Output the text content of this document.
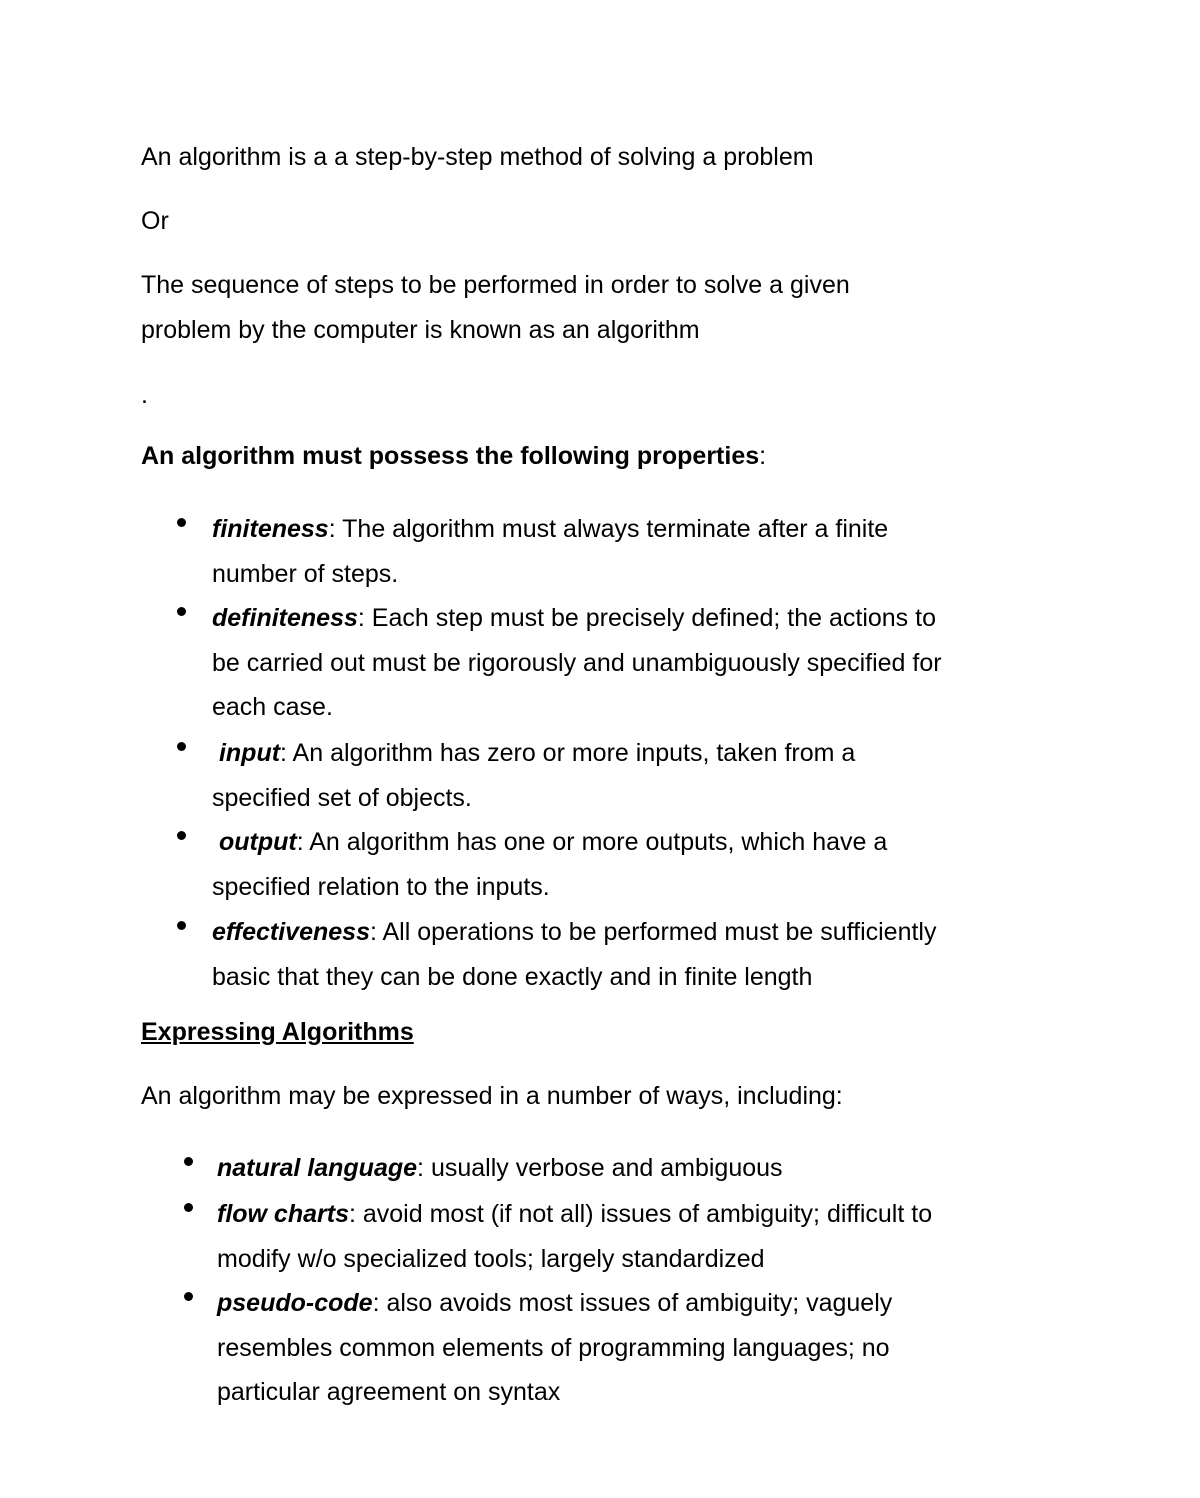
An algorithm is a a step-by-step method of solving a problem
Or
The sequence of steps to be performed in order to solve a given
problem by the computer is known as an algorithm
.
An algorithm must possess the following properties:
finiteness: The algorithm must always terminate after a finite
number of steps.
definiteness: Each step must be precisely defined; the actions to
be carried out must be rigorously and unambiguously specified for
each case.
input: An algorithm has zero or more inputs, taken from a
specified set of objects.
output: An algorithm has one or more outputs, which have a
specified relation to the inputs.
effectiveness: All operations to be performed must be sufficiently
basic that they can be done exactly and in finite length
Expressing Algorithms
An algorithm may be expressed in a number of ways, including:
natural language: usually verbose and ambiguous
flow charts: avoid most (if not all) issues of ambiguity; difficult to
modify w/o specialized tools; largely standardized
pseudo-code: also avoids most issues of ambiguity; vaguely
resembles common elements of programming languages; no
particular agreement on syntax
